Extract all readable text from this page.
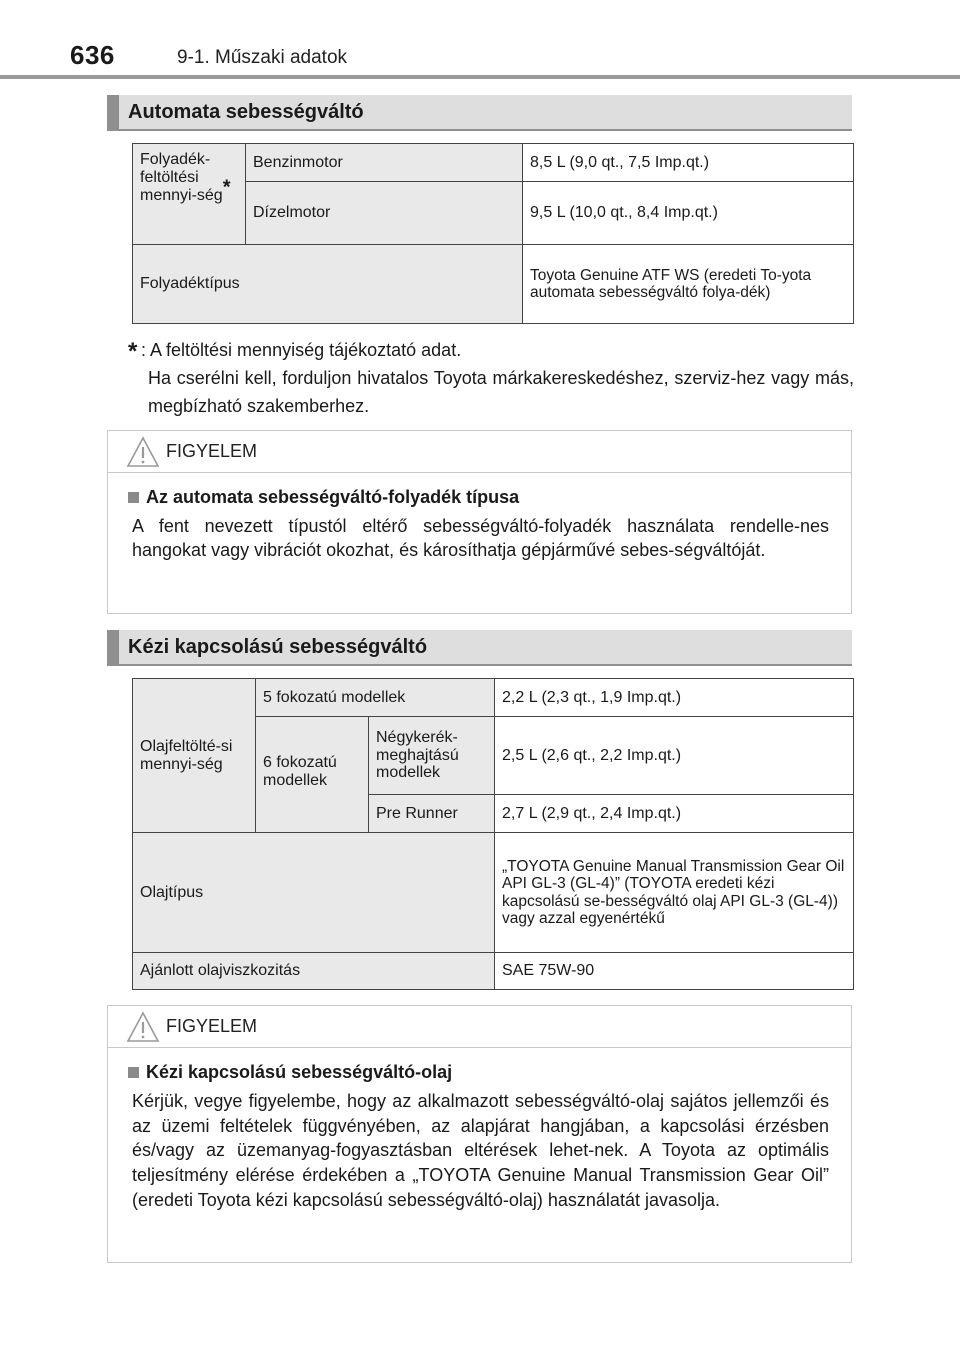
636	9-1. Műszaki adatok
Automata sebességváltó
Folyadék-feltöltési mennyi-ség*	Benzinmotor	8,5 L (9,0 qt., 7,5 Imp.qt.)
	Dízelmotor	9,5 L (10,0 qt., 8,4 Imp.qt.)
Folyadéktípus		Toyota Genuine ATF WS (eredeti To-yota automata sebességváltó folya-dék)
* : A feltöltési mennyiség tájékoztató adat.
Ha cserélni kell, forduljon hivatalos Toyota márkakereskedéshez, szerviz-hez vagy más, megbízható szakemberhez.
FIGYELEM
Az automata sebességváltó-folyadék típusa
A fent nevezett típustól eltérő sebességváltó-folyadék használata rendelle-nes hangokat vagy vibrációt okozhat, és károsíthatja gépjárművé sebes-ségváltóját.
Kézi kapcsolású sebességváltó
Olajfeltölté-si mennyi-ség	5 fokozatú modellek		2,2 L (2,3 qt., 1,9 Imp.qt.)
	6 fokozatú modellek	Négykerék-meghajtású modellek	2,5 L (2,6 qt., 2,2 Imp.qt.)
		Pre Runner	2,7 L (2,9 qt., 2,4 Imp.qt.)
Olajtípus			„TOYOTA Genuine Manual Transmission Gear Oil API GL-3 (GL-4)” (TOYOTA eredeti kézi kapcsolású se-bességváltó olaj API GL-3 (GL-4)) vagy azzal egyenértékű
Ajánlott olajviszkozitás			SAE 75W-90
FIGYELEM
Kézi kapcsolású sebességváltó-olaj
Kérjük, vegye figyelembe, hogy az alkalmazott sebességváltó-olaj sajátos jellemzői és az üzemi feltételek függvényében, az alapjárat hangjában, a kapcsolási érzésben és/vagy az üzemanyag-fogyasztásban eltérések lehet-nek. A Toyota az optimális teljesítmény elérése érdekében a „TOYOTA Genuine Manual Transmission Gear Oil” (eredeti Toyota kézi kapcsolású sebességváltó-olaj) használatát javasolja.
